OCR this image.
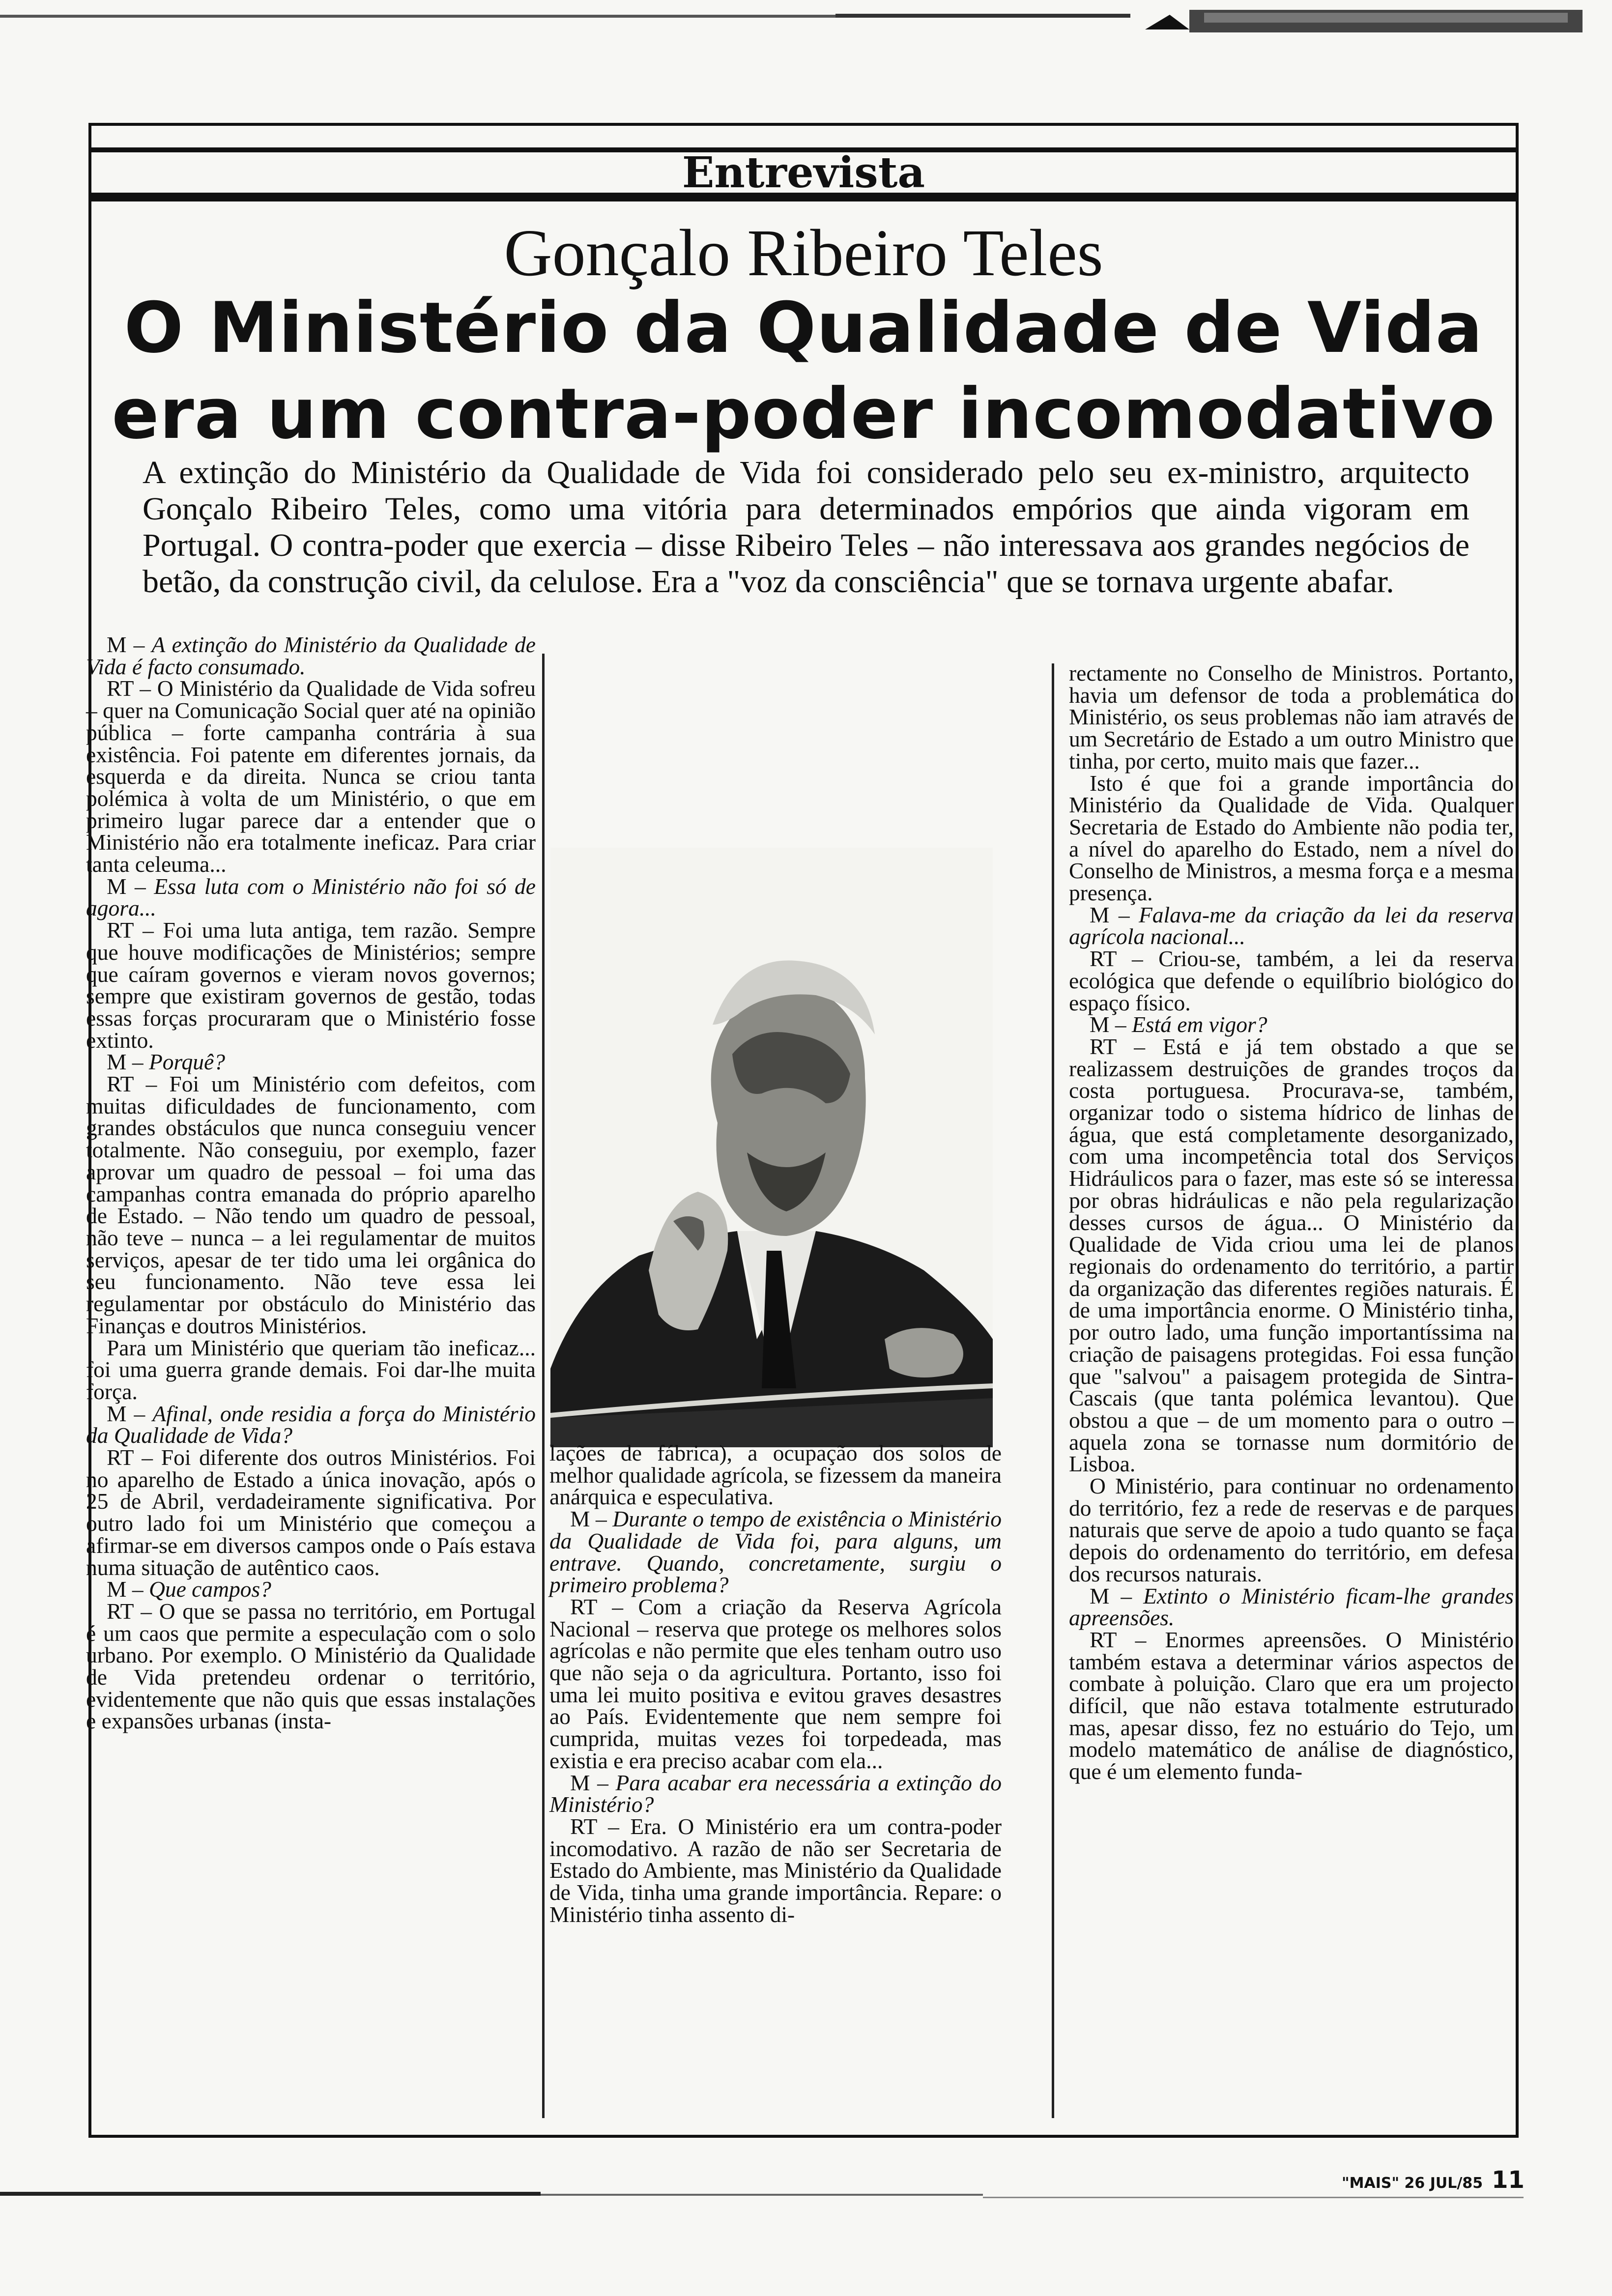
Entrevista
Gonçalo Ribeiro Teles
O Ministério da Qualidade de Vida
era um contra-poder incomodativo
A extinção do Ministério da Qualidade de Vida foi considerado pelo seu ex-ministro, arquitecto Gonçalo Ribeiro Teles, como uma vitória para determinados empórios que ainda vigoram em Portugal. O contra-poder que exercia – disse Ribeiro Teles – não interessava aos grandes negócios de betão, da construção civil, da celulose. Era a "voz da consciência" que se tornava urgente abafar.

M – A extinção do Ministério da Qualidade de Vida é facto consumado.

RT – O Ministério da Qualidade de Vida sofreu – quer na Comunicação Social quer até na opinião pública – forte campanha contrária à sua existência. Foi patente em diferentes jornais, da esquerda e da direita. Nunca se criou tanta polémica à volta de um Ministério, o que em primeiro lugar parece dar a entender que o Ministério não era totalmente ineficaz. Para criar tanta celeuma...

M – Essa luta com o Ministério não foi só de agora...

RT – Foi uma luta antiga, tem razão. Sempre que houve modificações de Ministérios; sempre que caíram governos e vieram novos governos; sempre que existiram governos de gestão, todas essas forças procuraram que o Ministério fosse extinto.

M – Porquê?

RT – Foi um Ministério com defeitos, com muitas dificuldades de funcionamento, com grandes obstáculos que nunca conseguiu vencer totalmente. Não conseguiu, por exemplo, fazer aprovar um quadro de pessoal – foi uma das campanhas contra emanada do próprio aparelho de Estado. – Não tendo um quadro de pessoal, não teve – nunca – a lei regulamentar de muitos serviços, apesar de ter tido uma lei orgânica do seu funcionamento. Não teve essa lei regulamentar por obstáculo do Ministério das Finanças e doutros Ministérios.

Para um Ministério que queriam tão ineficaz... foi uma guerra grande demais. Foi dar-lhe muita força.

M – Afinal, onde residia a força do Ministério da Qualidade de Vida?

RT – Foi diferente dos outros Ministérios. Foi no aparelho de Estado a única inovação, após o 25 de Abril, verdadeiramente significativa. Por outro lado foi um Ministério que começou a afirmar-se em diversos campos onde o País estava numa situação de autêntico caos.

M – Que campos?

RT – O que se passa no território, em Portugal é um caos que permite a especulação com o solo urbano. Por exemplo. O Ministério da Qualidade de Vida pretendeu ordenar o território, evidentemente que não quis que essas instalações e expansões urbanas (insta-

lações de fábrica), a ocupação dos solos de melhor qualidade agrícola, se fizessem da maneira anárquica e especulativa.

M – Durante o tempo de existência o Ministério da Qualidade de Vida foi, para alguns, um entrave. Quando, concretamente, surgiu o primeiro problema?

RT – Com a criação da Reserva Agrícola Nacional – reserva que protege os melhores solos agrícolas e não permite que eles tenham outro uso que não seja o da agricultura. Portanto, isso foi uma lei muito positiva e evitou graves desastres ao País. Evidentemente que nem sempre foi cumprida, muitas vezes foi torpedeada, mas existia e era preciso acabar com ela...

M – Para acabar era necessária a extinção do Ministério?

RT – Era. O Ministério era um contra-poder incomodativo. A razão de não ser Secretaria de Estado do Ambiente, mas Ministério da Qualidade de Vida, tinha uma grande importância. Repare: o Ministério tinha assento di-

rectamente no Conselho de Ministros. Portanto, havia um defensor de toda a problemática do Ministério, os seus problemas não iam através de um Secretário de Estado a um outro Ministro que tinha, por certo, muito mais que fazer...

Isto é que foi a grande importância do Ministério da Qualidade de Vida. Qualquer Secretaria de Estado do Ambiente não podia ter, a nível do aparelho do Estado, nem a nível do Conselho de Ministros, a mesma força e a mesma presença.

M – Falava-me da criação da lei da reserva agrícola nacional...

RT – Criou-se, também, a lei da reserva ecológica que defende o equilíbrio biológico do espaço físico.

M – Está em vigor?

RT – Está e já tem obstado a que se realizassem destruições de grandes troços da costa portuguesa. Procurava-se, também, organizar todo o sistema hídrico de linhas de água, que está completamente desorganizado, com uma incompetência total dos Serviços Hidráulicos para o fazer, mas este só se interessa por obras hidráulicas e não pela regularização desses cursos de água... O Ministério da Qualidade de Vida criou uma lei de planos regionais do ordenamento do território, a partir da organização das diferentes regiões naturais. É de uma importância enorme. O Ministério tinha, por outro lado, uma função importantíssima na criação de paisagens protegidas. Foi essa função que "salvou" a paisagem protegida de Sintra-Cascais (que tanta polémica levantou). Que obstou a que – de um momento para o outro – aquela zona se tornasse num dormitório de Lisboa.

O Ministério, para continuar no ordenamento do território, fez a rede de reservas e de parques naturais que serve de apoio a tudo quanto se faça depois do ordenamento do território, em defesa dos recursos naturais.

M – Extinto o Ministério ficam-lhe grandes apreensões.

RT – Enormes apreensões. O Ministério também estava a determinar vários aspectos de combate à poluição. Claro que era um projecto difícil, que não estava totalmente estruturado mas, apesar disso, fez no estuário do Tejo, um modelo matemático de análise de diagnóstico, que é um elemento funda-

"MAIS" 26 JUL/85 11
